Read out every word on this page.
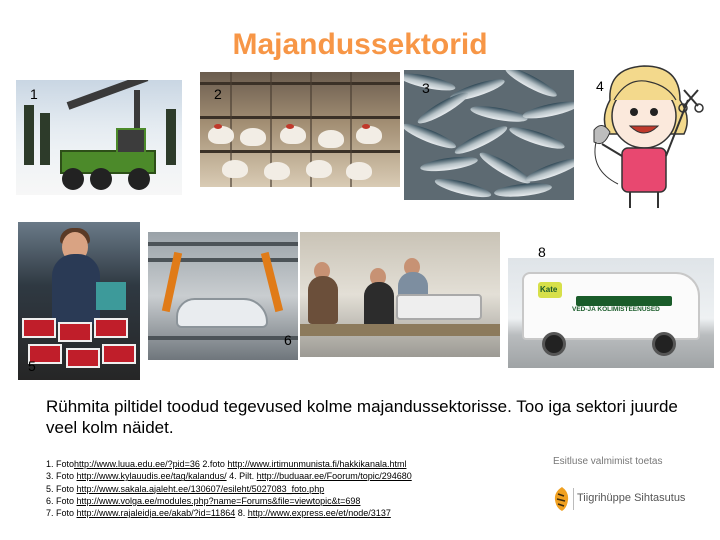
Majandussektorid
1	2	3	4
5
6
VED-JA KOLIMISTEENUSED
Kate
8
Rühmita piltidel toodud tegevused kolme majandussektorisse. Too iga sektori juurde veel kolm näidet.
1. Fotohttp://www.luua.edu.ee/?pid=36 2.foto http://www.irtimunmunista.fi/hakkikanala.html
3. Foto http://www.kylauudis.ee/tag/kalandus/ 4. Pilt. http://buduaar.ee/Foorum/topic/294680
5. Foto http://www.sakala.ajaleht.ee/130607/esileht/5027083_foto.php
6. Foto http://www.volga.ee/modules.php?name=Forums&file=viewtopic&t=698
7. Foto http://www.rajaleidja.ee/akab/?id=11864 8. http://www.express.ee/et/node/3137
Esitluse valmimist toetas
Tiigrihüppe Sihtasutus
